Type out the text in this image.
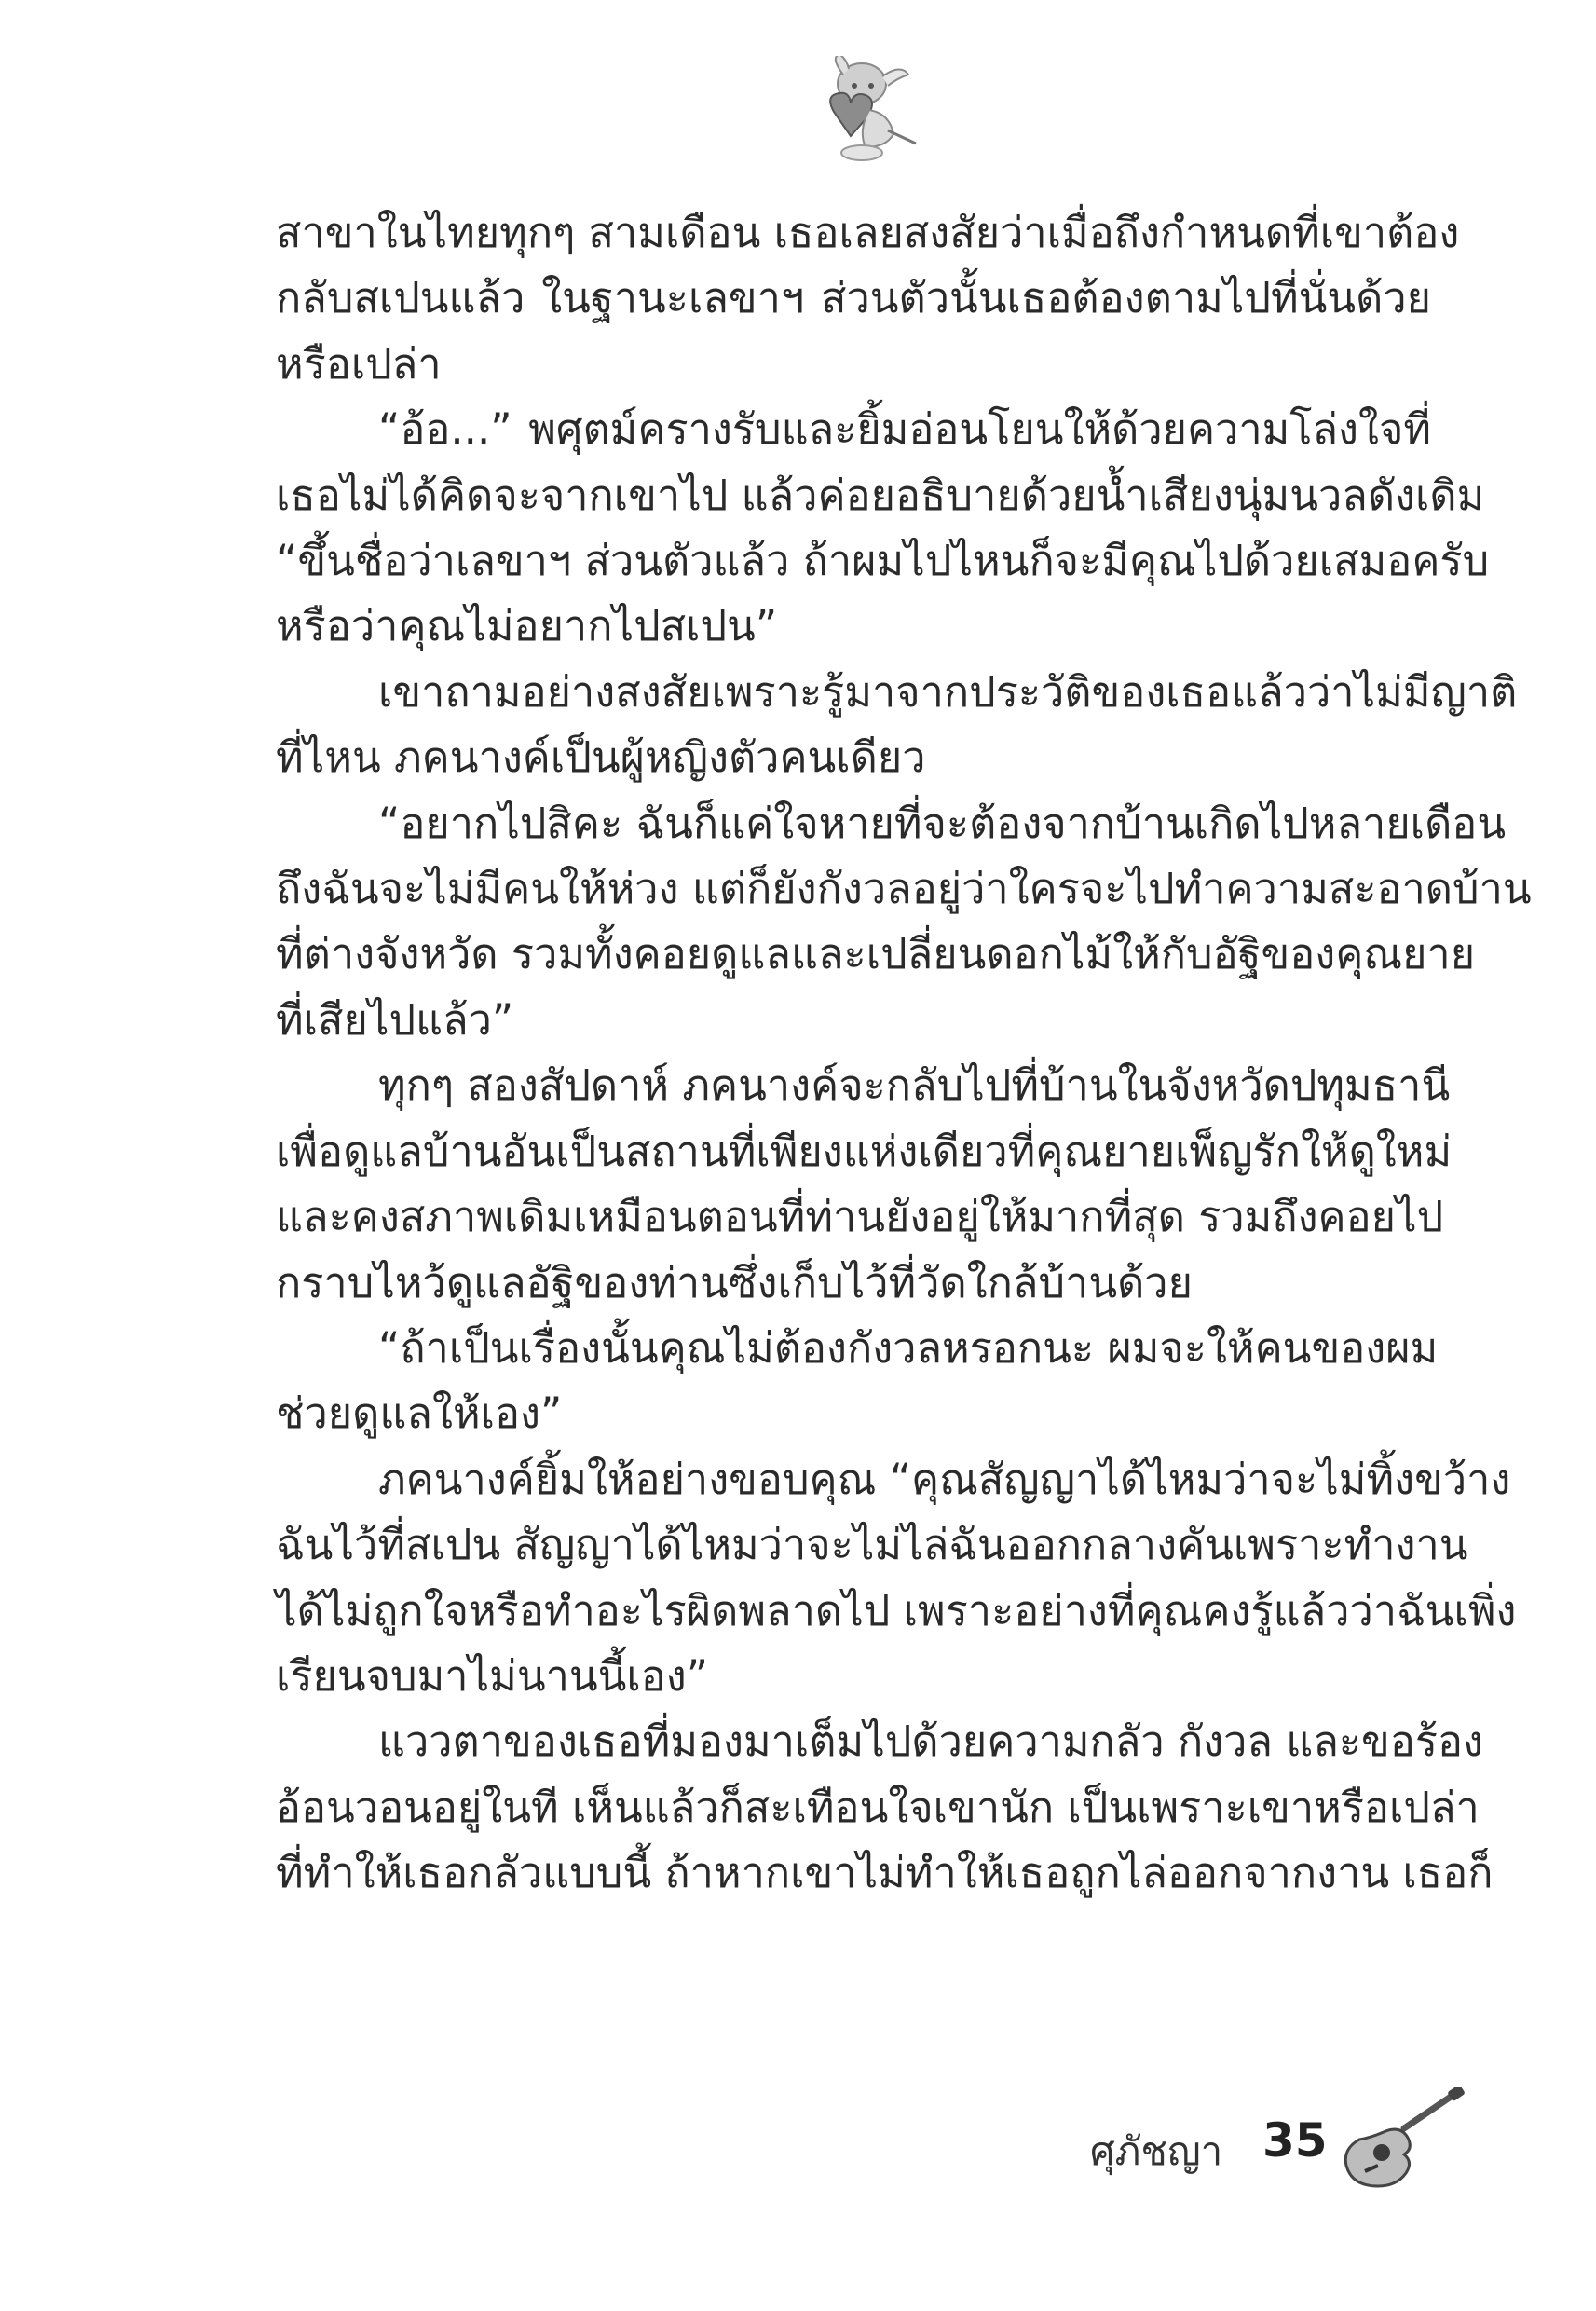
สาขาในไทยทุกๆ สามเดือน เธอเลยสงสัยว่าเมื่อถึงกำหนดที่เขาต้อง
กลับสเปนแล้ว ในฐานะเลขาฯ ส่วนตัวนั้นเธอต้องตามไปที่นั่นด้วย
หรือเปล่า
“อ้อ...” พศุตม์ครางรับและยิ้มอ่อนโยนให้ด้วยความโล่งใจที่
เธอไม่ได้คิดจะจากเขาไป แล้วค่อยอธิบายด้วยน้ำเสียงนุ่มนวลดังเดิม
“ขึ้นชื่อว่าเลขาฯ ส่วนตัวแล้ว ถ้าผมไปไหนก็จะมีคุณไปด้วยเสมอครับ
หรือว่าคุณไม่อยากไปสเปน”
เขาถามอย่างสงสัยเพราะรู้มาจากประวัติของเธอแล้วว่าไม่มีญาติ
ที่ไหน ภคนางค์เป็นผู้หญิงตัวคนเดียว
“อยากไปสิคะ ฉันก็แค่ใจหายที่จะต้องจากบ้านเกิดไปหลายเดือน
ถึงฉันจะไม่มีคนให้ห่วง แต่ก็ยังกังวลอยู่ว่าใครจะไปทำความสะอาดบ้าน
ที่ต่างจังหวัด รวมทั้งคอยดูแลและเปลี่ยนดอกไม้ให้กับอัฐิของคุณยาย
ที่เสียไปแล้ว”
ทุกๆ สองสัปดาห์ ภคนางค์จะกลับไปที่บ้านในจังหวัดปทุมธานี
เพื่อดูแลบ้านอันเป็นสถานที่เพียงแห่งเดียวที่คุณยายเพ็ญรักให้ดูใหม่
และคงสภาพเดิมเหมือนตอนที่ท่านยังอยู่ให้มากที่สุด รวมถึงคอยไป
กราบไหว้ดูแลอัฐิของท่านซึ่งเก็บไว้ที่วัดใกล้บ้านด้วย
“ถ้าเป็นเรื่องนั้นคุณไม่ต้องกังวลหรอกนะ ผมจะให้คนของผม
ช่วยดูแลให้เอง”
ภคนางค์ยิ้มให้อย่างขอบคุณ “คุณสัญญาได้ไหมว่าจะไม่ทิ้งขว้าง
ฉันไว้ที่สเปน สัญญาได้ไหมว่าจะไม่ไล่ฉันออกกลางคันเพราะทำงาน
ได้ไม่ถูกใจหรือทำอะไรผิดพลาดไป เพราะอย่างที่คุณคงรู้แล้วว่าฉันเพิ่ง
เรียนจบมาไม่นานนี้เอง”
แววตาของเธอที่มองมาเต็มไปด้วยความกลัว กังวล และขอร้อง
อ้อนวอนอยู่ในที เห็นแล้วก็สะเทือนใจเขานัก เป็นเพราะเขาหรือเปล่า
ที่ทำให้เธอกลัวแบบนี้ ถ้าหากเขาไม่ทำให้เธอถูกไล่ออกจากงาน เธอก็
ศุภัชญา 35
